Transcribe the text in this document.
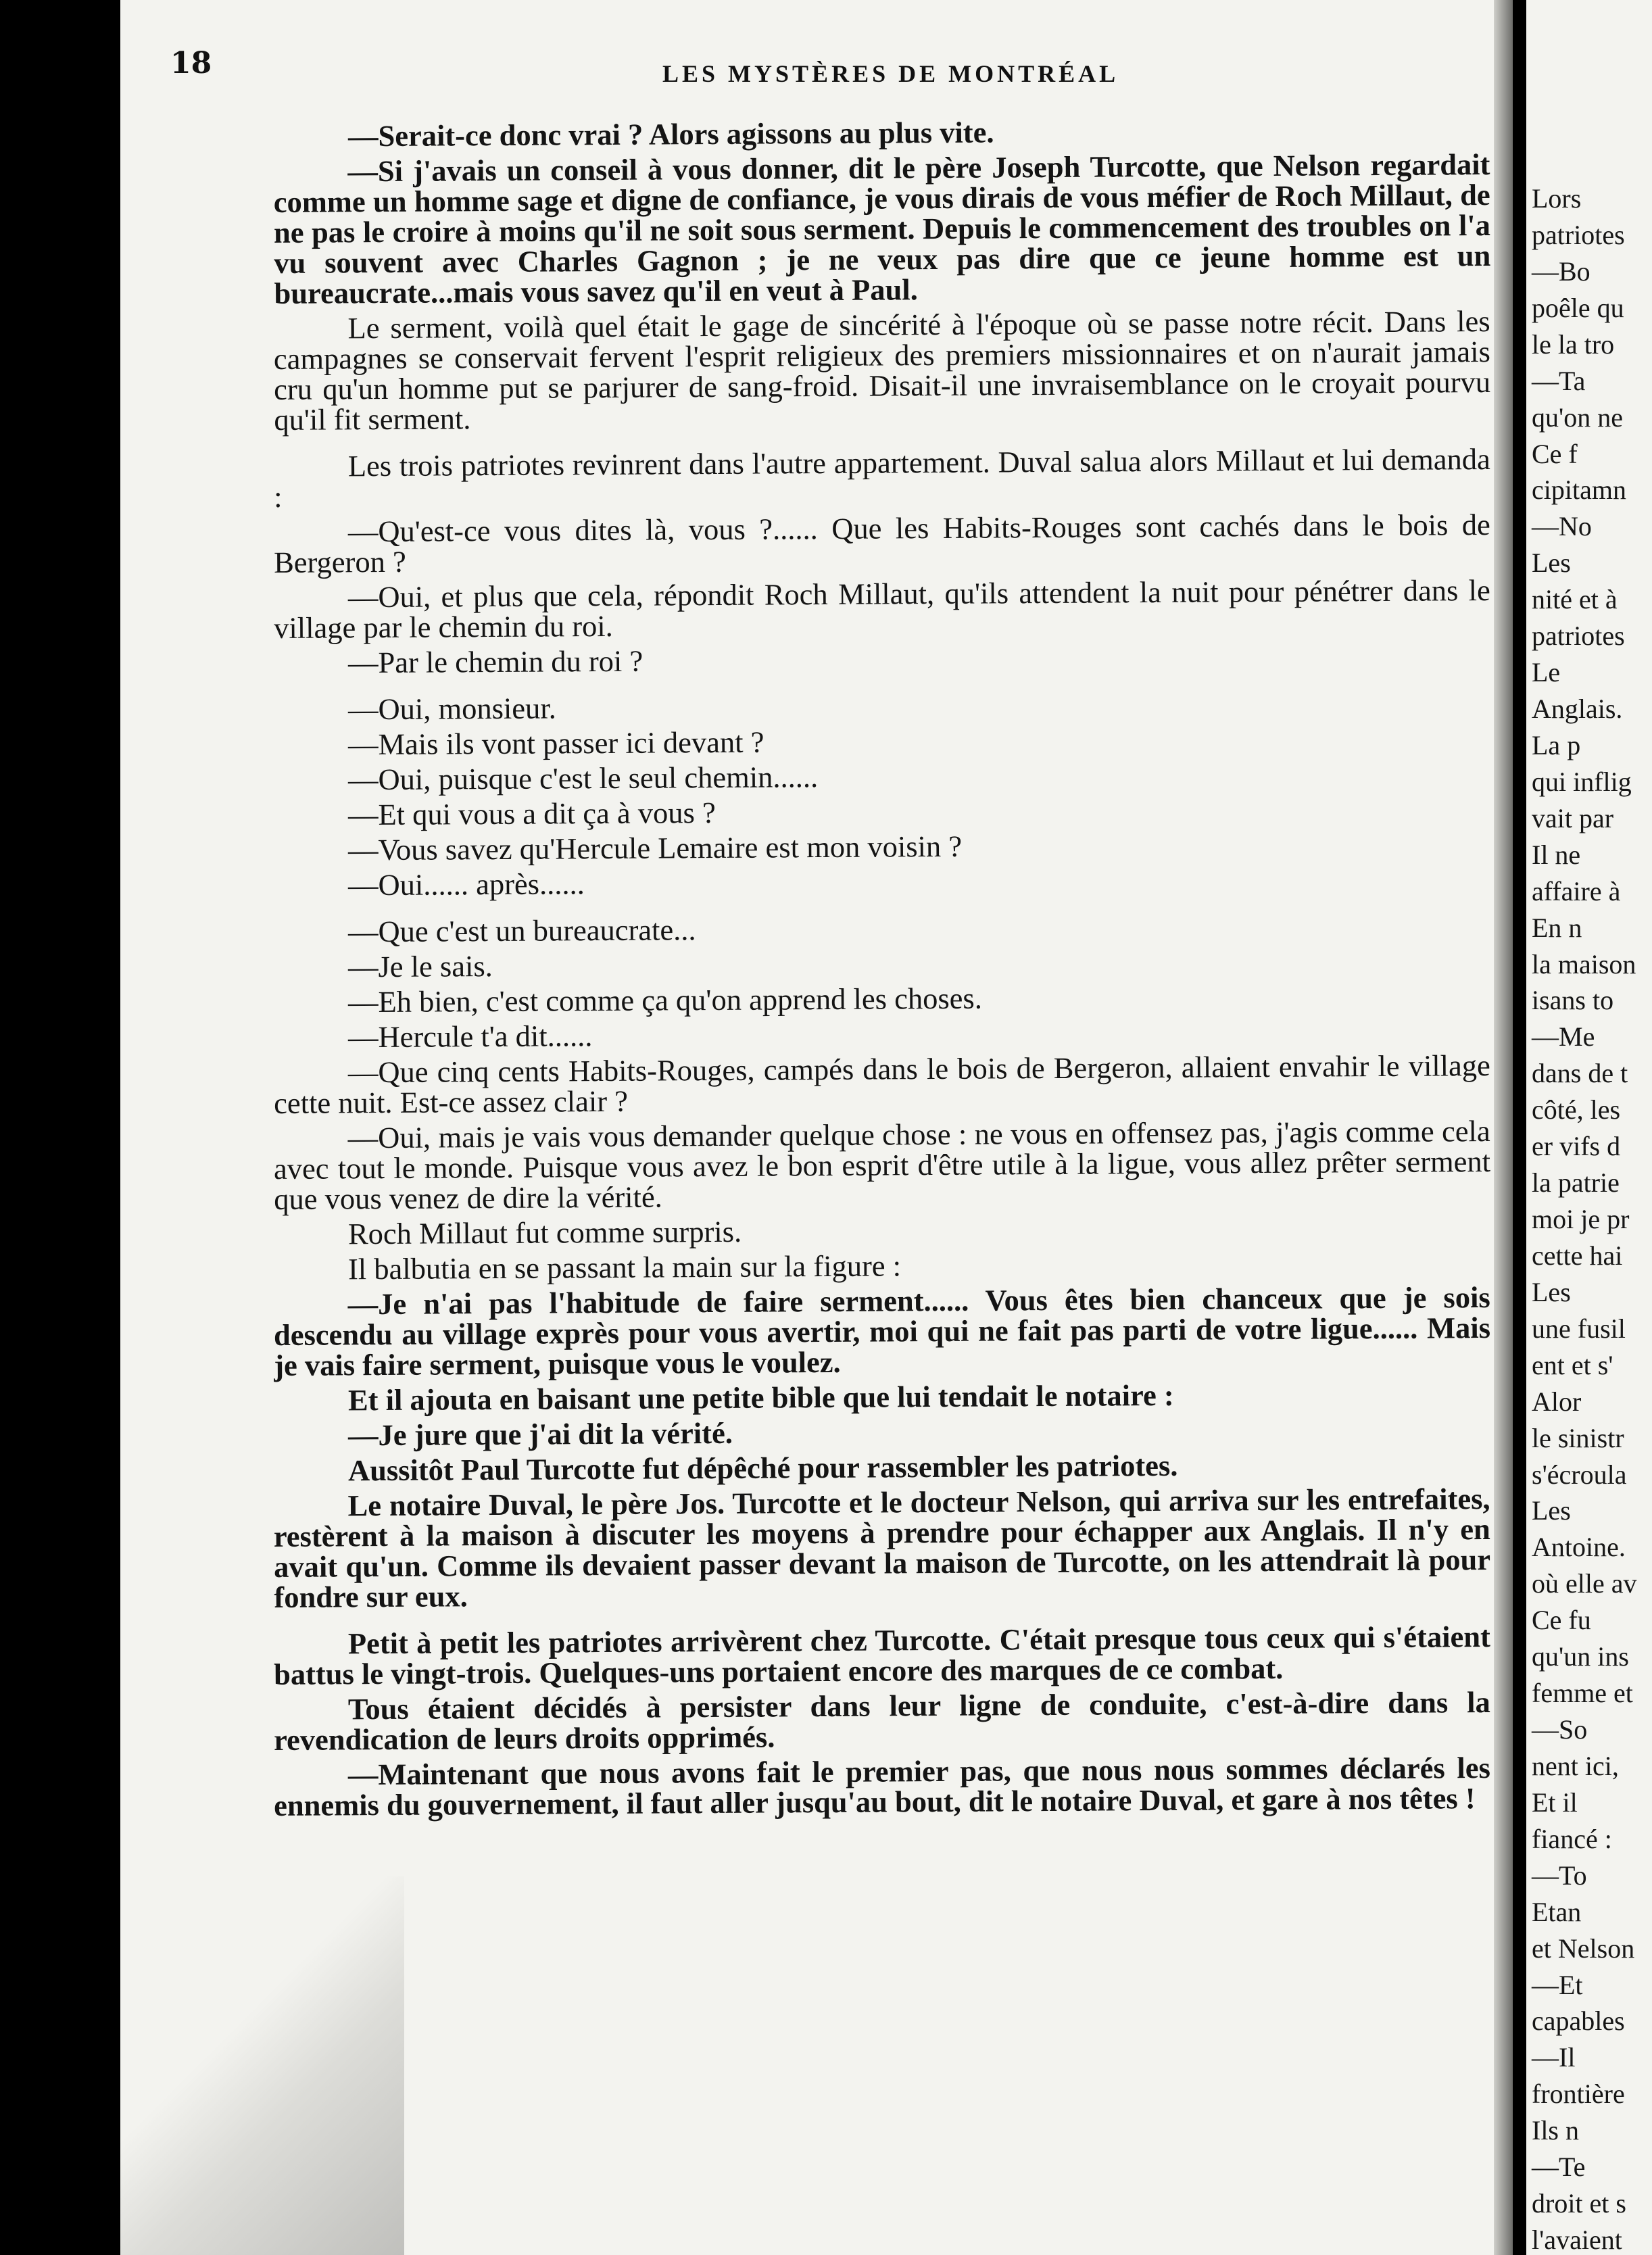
18	LES MYSTÈRES DE MONTRÉAL

—Serait-ce donc vrai ? Alors agissons au plus vite.

—Si j'avais un conseil à vous donner, dit le père Joseph Turcotte, que Nelson regardait comme un homme sage et digne de confiance, je vous dirais de vous méfier de Roch Millaut, de ne pas le croire à moins qu'il ne soit sous serment. Depuis le commencement des troubles on l'a vu souvent avec Charles Gagnon ; je ne veux pas dire que ce jeune homme est un bureaucrate...mais vous savez qu'il en veut à Paul.

Le serment, voilà quel était le gage de sincérité à l'époque où se passe notre récit. Dans les campagnes se conservait fervent l'esprit religieux des premiers missionnaires et on n'aurait jamais cru qu'un homme put se parjurer de sang-froid. Disait-il une invraisemblance on le croyait pourvu qu'il fit serment.

Les trois patriotes revinrent dans l'autre appartement. Duval salua alors Millaut et lui demanda :

—Qu'est-ce vous dites là, vous ?...... Que les Habits-Rouges sont cachés dans le bois de Bergeron ?

—Oui, et plus que cela, répondit Roch Millaut, qu'ils attendent la nuit pour pénétrer dans le village par le chemin du roi.

—Par le chemin du roi ?

—Oui, monsieur.

—Mais ils vont passer ici devant ?

—Oui, puisque c'est le seul chemin......

—Et qui vous a dit ça à vous ?

—Vous savez qu'Hercule Lemaire est mon voisin ?

—Oui...... après......

—Que c'est un bureaucrate...

—Je le sais.

—Eh bien, c'est comme ça qu'on apprend les choses.

—Hercule t'a dit......

—Que cinq cents Habits-Rouges, campés dans le bois de Bergeron, allaient envahir le village cette nuit. Est-ce assez clair ?

—Oui, mais je vais vous demander quelque chose : ne vous en offensez pas, j'agis comme cela avec tout le monde. Puisque vous avez le bon esprit d'être utile à la ligue, vous allez prêter serment que vous venez de dire la vérité.

Roch Millaut fut comme surpris.

Il balbutia en se passant la main sur la figure :

—Je n'ai pas l'habitude de faire serment...... Vous êtes bien chanceux que je sois descendu au village exprès pour vous avertir, moi qui ne fait pas parti de votre ligue...... Mais je vais faire serment, puisque vous le voulez.

Et il ajouta en baisant une petite bible que lui tendait le notaire :

—Je jure que j'ai dit la vérité.

Aussitôt Paul Turcotte fut dépêché pour rassembler les patriotes.

Le notaire Duval, le père Jos. Turcotte et le docteur Nelson, qui arriva sur les entrefaites, restèrent à la maison à discuter les moyens à prendre pour échapper aux Anglais. Il n'y en avait qu'un. Comme ils devaient passer devant la maison de Turcotte, on les attendrait là pour fondre sur eux.

Petit à petit les patriotes arrivèrent chez Turcotte. C'était presque tous ceux qui s'étaient battus le vingt-trois. Quelques-uns portaient encore des marques de ce combat.

Tous étaient décidés à persister dans leur ligne de conduite, c'est-à-dire dans la revendication de leurs droits opprimés.

—Maintenant que nous avons fait le premier pas, que nous nous sommes déclarés les ennemis du gouvernement, il faut aller jusqu'au bout, dit le notaire Duval, et gare à nos têtes !

Lors
patriotes
—Bo
poêle qu
le la tro
—Ta
qu'on ne
Ce f
cipitamn
—No
Les
nité et à
patriotes
Le
Anglais.
La p
qui inflig
vait par
Il ne
affaire à
En n
la maison
isans to
—Me
dans de t
côté, les
er vifs d
la patrie
moi je pr
cette hai
Les
une fusil
ent et s'
Alor
le sinistr
s'écroula
Les
Antoine.
où elle av
Ce fu
qu'un ins
femme et
—So
nent ici,
Et il
fiancé :
—To
Etan
et Nelson
—Et
capables
—Il
frontière
Ils n
—Te
droit et s
l'avaient
